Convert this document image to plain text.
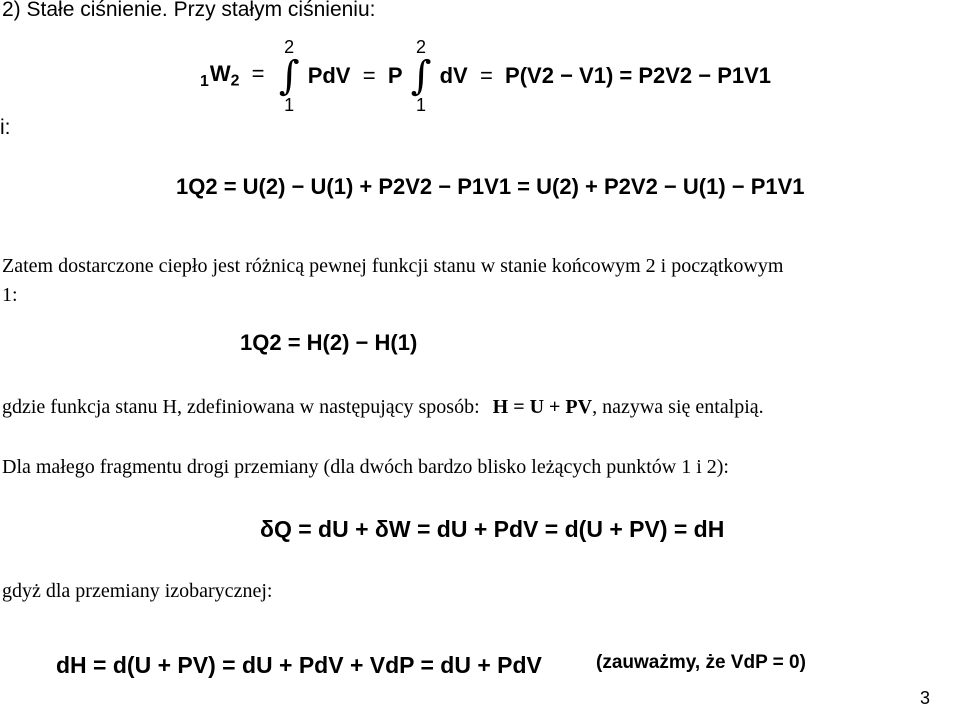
2) Stałe ciśnienie. Przy stałym ciśnieniu:
i:
$_1W_2$  =
2
∫
1
PdV  =  P
2
∫
1
dV  =  P(V2 − V1) = P2V2 − P1V1
1Q2 = U(2) − U(1) + P2V2 − P1V1 = U(2) + P2V2 − U(1) − P1V1
Zatem dostarczone ciepło jest różnicą pewnej funkcji stanu w stanie końcowym 2 i początkowym 1:
1Q2 = H(2) − H(1)
gdzie funkcja stanu H, zdefiniowana w następujący sposób: H = U + PV, nazywa się entalpią.
Dla małego fragmentu drogi przemiany (dla dwóch bardzo blisko leżących punktów 1 i 2):
δQ = dU + δW = dU + PdV = d(U + PV) = dH
gdyż dla przemiany izobarycznej:
dH = d(U + PV) = dU + PdV + VdP = dU + PdV	(zauważmy, że VdP = 0)
3
